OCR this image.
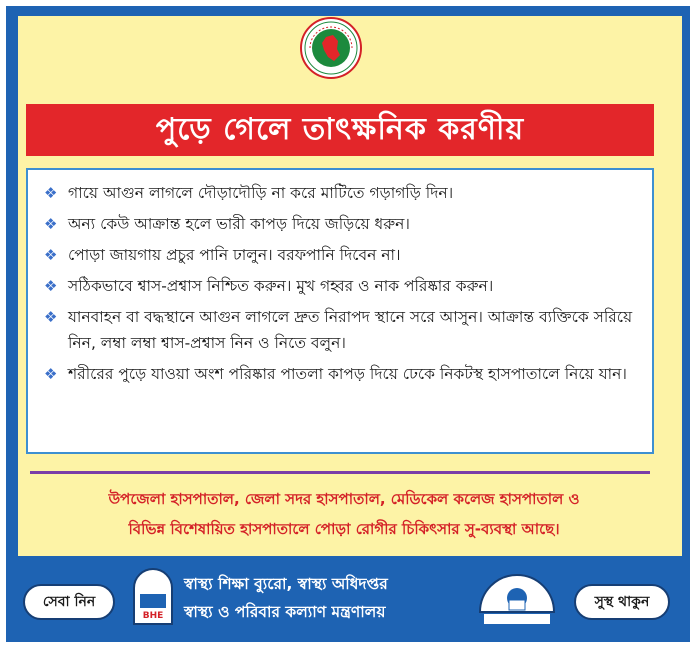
পুড়ে গেলে তাৎক্ষনিক করণীয়
❖ গায়ে আগুন লাগলে দৌড়াদৌড়ি না করে মাটিতে গড়াগড়ি দিন।
❖ অন্য কেউ আক্রান্ত হলে ভারী কাপড় দিয়ে জড়িয়ে ধরুন।
❖ পোড়া জায়গায় প্রচুর পানি ঢালুন। বরফপানি দিবেন না।
❖ সঠিকভাবে শ্বাস-প্রশ্বাস নিশ্চিত করুন। মুখ গহ্বর ও নাক পরিষ্কার করুন।
❖ যানবাহন বা বদ্ধস্থানে আগুন লাগলে দ্রুত নিরাপদ স্থানে সরে আসুন। আক্রান্ত ব্যক্তিকে সরিয়ে নিন, লম্বা লম্বা শ্বাস-প্রশ্বাস নিন ও নিতে বলুন।
❖ শরীরের পুড়ে যাওয়া অংশ পরিষ্কার পাতলা কাপড় দিয়ে ঢেকে নিকটস্থ হাসপাতালে নিয়ে যান।
উপজেলা হাসপাতাল, জেলা সদর হাসপাতাল, মেডিকেল কলেজ হাসপাতাল ও
বিভিন্ন বিশেষায়িত হাসপাতালে পোড়া রোগীর চিকিৎসার সু-ব্যবস্থা আছে।
সেবা নিন
BHE
স্বাস্থ্য শিক্ষা ব্যুরো, স্বাস্থ্য অধিদপ্তর
স্বাস্থ্য ও পরিবার কল্যাণ মন্ত্রণালয়
সুস্থ থাকুন
